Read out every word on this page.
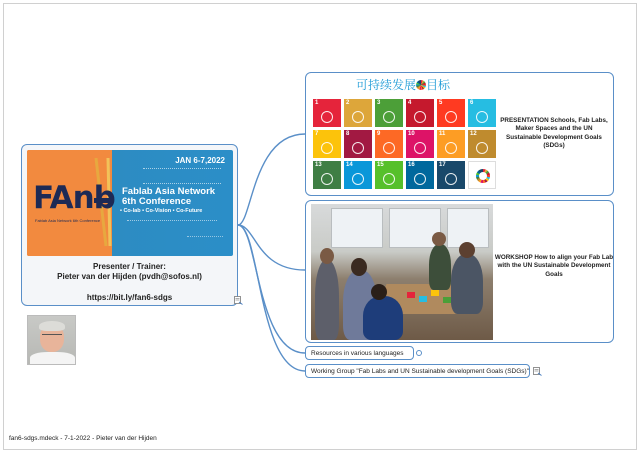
FAnb
Fablab Asia Network 6th Conference
JAN 6-7,2022
Fablab Asia Network
6th Conference
• Co-lab • Co-Vision • Co-Future
Presenter / Trainer:
Pieter van der Hijden (pvdh@sofos.nl)
https://bit.ly/fan6-sdgs
可持续发展 目标
1	2	3	4	5	6
7	8	9	10	11	12
13	14	15	16	17
PRESENTATION Schools, Fab Labs, Maker Spaces and the UN Sustainable Development Goals (SDGs)
WORKSHOP How to align your Fab Lab with the UN Sustainable Development Goals
Resources in various languages
Working Group "Fab Labs and UN Sustainable development Goals (SDGs)"
fan6-sdgs.mdeck - 7-1-2022 - Pieter van der Hijden
